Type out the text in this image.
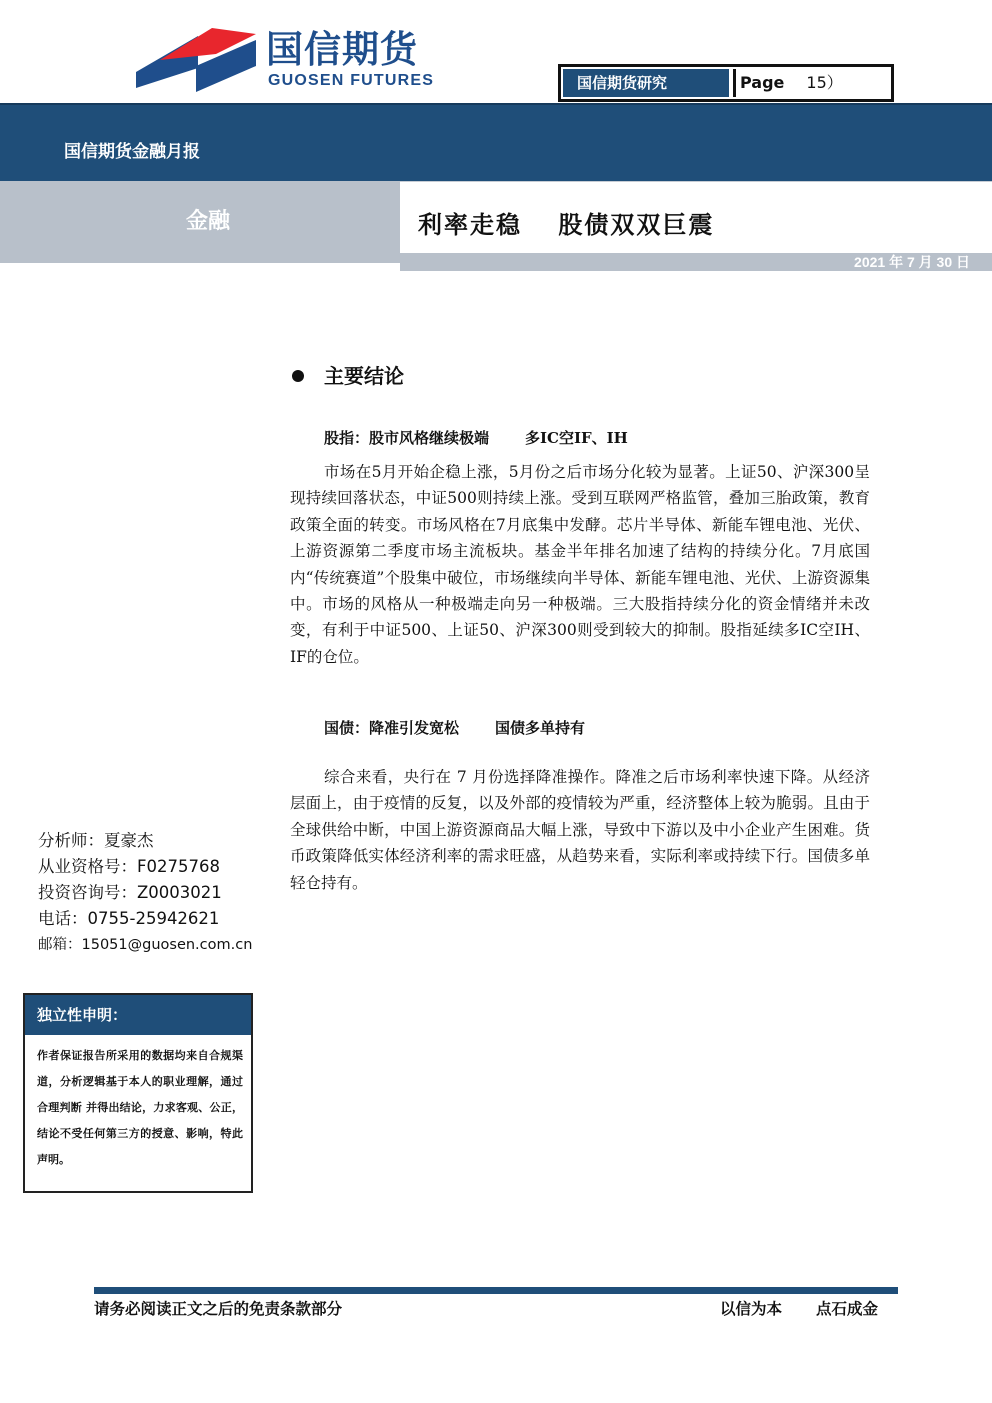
国信期货
GUOSEN FUTURES	国信期货研究	Page 15）
国信期货金融月报
金融	利率走稳　 股债双双巨震
2021 年 7 月 30 日
主要结论
股指：股市风格继续极端 多IC空IF、IH

市场在5月开始企稳上涨，5月份之后市场分化较为显著。上证50、沪深300呈现持续回落状态，中证500则持续上涨。受到互联网严格监管，叠加三胎政策，教育政策全面的转变。市场风格在7月底集中发酵。芯片半导体、新能车锂电池、光伏、上游资源第二季度市场主流板块。基金半年排名加速了结构的持续分化。7月底国内“传统赛道”个股集中破位，市场继续向半导体、新能车锂电池、光伏、上游资源集中。市场的风格从一种极端走向另一种极端。三大股指持续分化的资金情绪并未改变，有利于中证500、上证50、沪深300则受到较大的抑制。股指延续多IC空IH、IF的仓位。

国债：降准引发宽松 国债多单持有

综合来看，央行在 7 月份选择降准操作。降准之后市场利率快速下降。从经济层面上，由于疫情的反复，以及外部的疫情较为严重，经济整体上较为脆弱。且由于全球供给中断，中国上游资源商品大幅上涨，导致中下游以及中小企业产生困难。货币政策降低实体经济利率的需求旺盛，从趋势来看，实际利率或持续下行。国债多单轻仓持有。

分析师：夏豪杰
从业资格号：F0275768
投资咨询号：Z0003021
电话：0755-25942621
邮箱：15051@guosen.com.cn
独立性申明：
作者保证报告所采用的数据均来自合规渠道，分析逻辑基于本人的职业理解，通过合理判断 并得出结论，力求客观、公正，结论不受任何第三方的授意、影响，特此声明。
请务必阅读正文之后的免责条款部分	以信为本 点石成金
